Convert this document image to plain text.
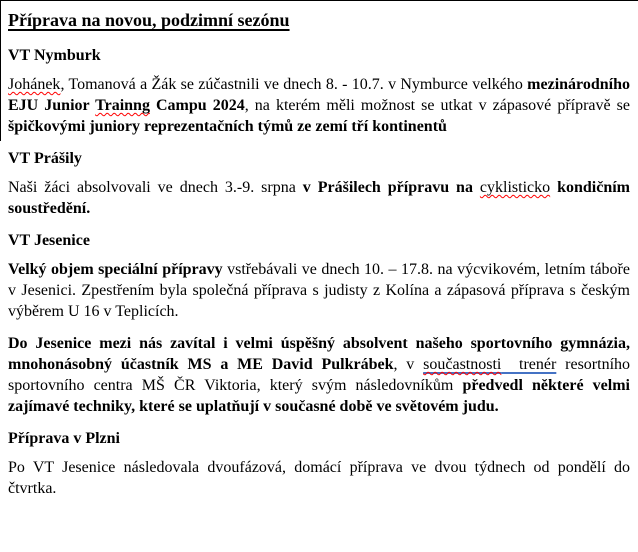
Příprava na novou, podzimní sezónu
VT Nymburk

Johánek, Tomanová a Žák se zúčastnili ve dnech 8. - 10.7. v Nymburce velkého mezinárodního EJU Junior Trainng Campu 2024, na kterém měli možnost se utkat v zápasové přípravě se špičkovými juniory reprezentačních týmů ze zemí tří kontinentů

VT Prášily

Naši žáci absolvovali ve dnech 3.-9. srpna v Prášilech přípravu na cyklisticko kondičním soustředění.

VT Jesenice

Velký objem speciální přípravy vstřebávali ve dnech 10. – 17.8. na výcvikovém, letním táboře v Jesenici. Zpestřením byla společná příprava s judisty z Kolína a zápasová příprava s českým výběrem U 16 v Teplicích.

Do Jesenice mezi nás zavítal i velmi úspěšný absolvent našeho sportovního gymnázia, mnohonásobný účastník MS a ME David Pulkrábek, v součastnosti  trenér resortního sportovního centra MŠ ČR Viktoria, který svým následovníkům předvedl některé velmi zajímavé techniky, které se uplatňují v současné době ve světovém judu.

Příprava v Plzni

Po VT Jesenice následovala dvoufázová, domácí příprava ve dvou týdnech od pondělí do čtvrtka.
